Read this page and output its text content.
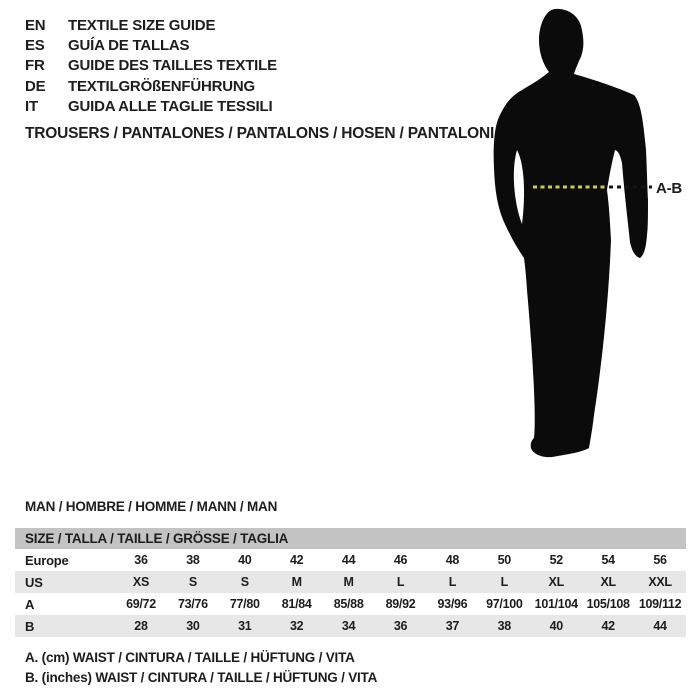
A-B
EN	TEXTILE SIZE GUIDE
ES	GUÍA DE TALLAS
FR	GUIDE DES TAILLES TEXTILE
DE	TEXTILGRÖßENFÜHRUNG
IT	GUIDA ALLE TAGLIE TESSILI
TROUSERS / PANTALONES / PANTALONS / HOSEN / PANTALONI
MAN / HOMBRE / HOMME / MANN / MAN
SIZE / TALLA / TAILLE / GRÖSSE / TAGLIA
Europe	36	38	40	42	44	46	48	50	52	54	56
US	XS	S	S	M	M	L	L	L	XL	XL	XXL
A	69/72	73/76	77/80	81/84	85/88	89/92	93/96	97/100 101/104 105/108 109/112
B	28	30	31	32	34	36	37	38	40	42	44
A. (cm) WAIST / CINTURA / TAILLE / HÜFTUNG / VITA
B. (inches) WAIST / CINTURA / TAILLE / HÜFTUNG / VITA
